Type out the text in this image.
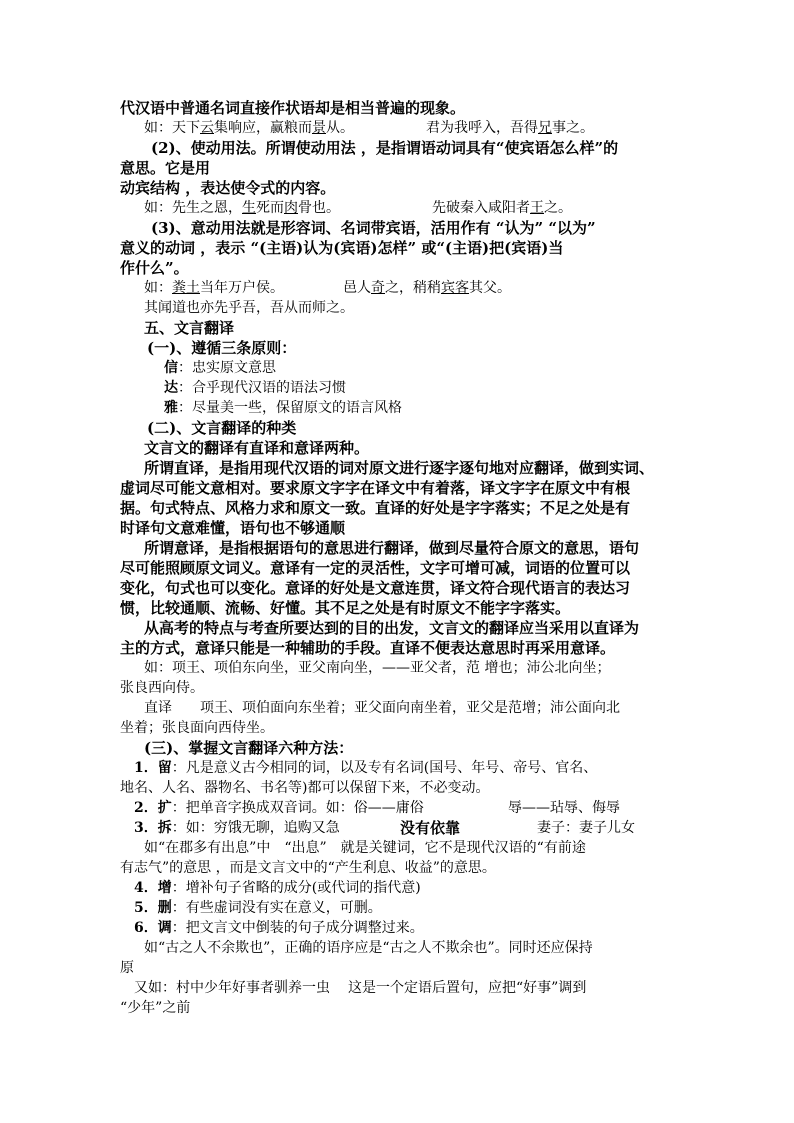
代汉语中普通名词直接作状语却是相当普遍的现象。
如：天下云集响应，赢粮而景从。	君为我呼入，吾得兄事之。
(2)、使动用法。所谓使动用法 ，是指谓语动词具有“使宾语怎么样”的
意思。它是用
动宾结构 ，表达使令式的内容。
如：先生之恩，生死而肉骨也。	先破秦入咸阳者王之。
(3)、意动用法就是形容词、名词带宾语，活用作有 “认为” “以为”
意义的动词 ，表示 “(主语)认为(宾语)怎样” 或“(主语)把(宾语)当
作什么”。
如：粪土当年万户侯。	邑人奇之，稍稍宾客其父。
其闻道也亦先乎吾，吾从而师之。
五、文言翻译
(一)、遵循三条原则：
信：忠实原文意思
达：合乎现代汉语的语法习惯
雅：尽量美一些，保留原文的语言风格
(二)、文言翻译的种类
文言文的翻译有直译和意译两种。
所谓直译，是指用现代汉语的词对原文进行逐字逐句地对应翻译，做到实词、
虚词尽可能文意相对。要求原文字字在译文中有着落，译文字字在原文中有根
据。句式特点、风格力求和原文一致。直译的好处是字字落实；不足之处是有
时译句文意难懂，语句也不够通顺
所谓意译，是指根据语句的意思进行翻译，做到尽量符合原文的意思，语句
尽可能照顾原文词义。意译有一定的灵活性，文字可增可减，词语的位置可以
变化，句式也可以变化。意译的好处是文意连贯，译文符合现代语言的表达习
惯，比较通顺、流畅、好懂。其不足之处是有时原文不能字字落实。
从高考的特点与考查所要达到的目的出发，文言文的翻译应当采用以直译为
主的方式，意译只能是一种辅助的手段。直译不便表达意思时再采用意译。
如：项王、项伯东向坐，亚父南向坐，——亚父者，范 增也；沛公北向坐；
张良西向侍。
直译 项王、项伯面向东坐着；亚父面向南坐着，亚父是范增；沛公面向北
坐着；张良面向西侍坐。
(三)、掌握文言翻译六种方法：
1．留：凡是意义古今相同的词，以及专有名词(国号、年号、帝号、官名、
地名、人名、器物名、书名等)都可以保留下来，不必变动。
2．扩：把单音字换成双音词。如：俗——庸俗	辱——玷辱、侮辱
3．拆：如：穷饿无聊，追购又急	没有依靠	妻子：妻子儿女
如“在郡多有出息”中 “出息” 就是关键词，它不是现代汉语的“有前途
有志气”的意思 ，而是文言文中的“产生利息、收益”的意思。
4．增：增补句子省略的成分(或代词的指代意)
5．删：有些虚词没有实在意义，可删。
6．调：把文言文中倒装的句子成分调整过来。
如“古之人不余欺也”，正确的语序应是“古之人不欺余也”。同时还应保持
原
又如：村中少年好事者驯养一虫 这是一个定语后置句，应把“好事”调到
“少年”之前
